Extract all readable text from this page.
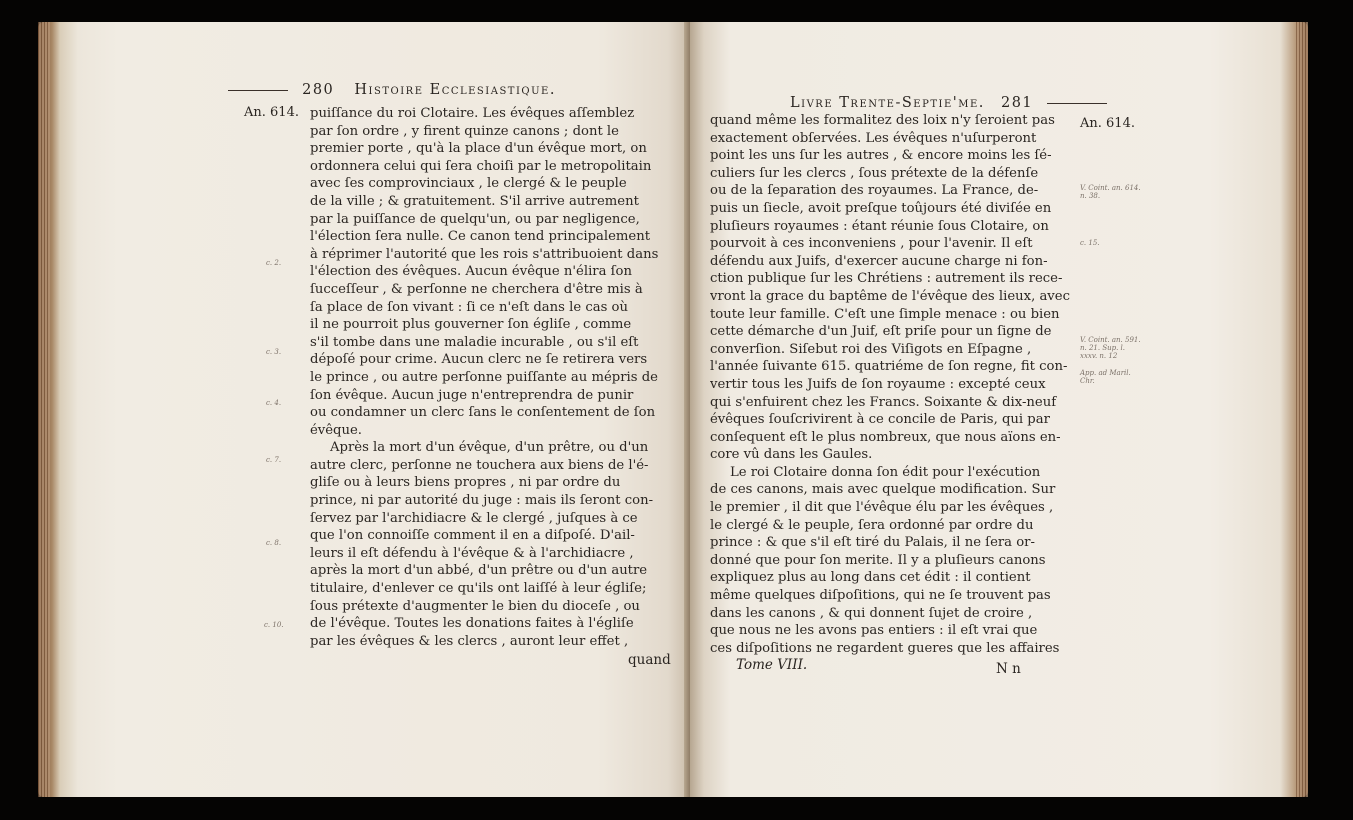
280 Histoire Ecclesiastique.
An. 614.
c. 2.
c. 3.
c. 4.
c. 7.
c. 8.
c. 10.
puiſſance du roi Clotaire. Les évêques aſſemblez
par ſon ordre , y firent quinze canons ; dont le
premier porte , qu'à la place d'un évêque mort, on
ordonnera celui qui ſera choiſi par le metropolitain
avec ſes comprovinciaux , le clergé & le peuple
de la ville ; & gratuitement. S'il arrive autrement
par la puiſſance de quelqu'un, ou par negligence,
l'élection ſera nulle. Ce canon tend principalement
à réprimer l'autorité que les rois s'attribuoient dans
l'élection des évêques. Aucun évêque n'élira ſon
ſucceſſeur , & perſonne ne cherchera d'être mis à
ſa place de ſon vivant : ſi ce n'eſt dans le cas où
il ne pourroit plus gouverner ſon égliſe , comme
s'il tombe dans une maladie incurable , ou s'il eſt
dépoſé pour crime. Aucun clerc ne ſe retirera vers
le prince , ou autre perſonne puiſſante au mépris de
ſon évêque. Aucun juge n'entreprendra de punir
ou condamner un clerc ſans le conſentement de ſon
évêque.
Après la mort d'un évêque, d'un prêtre, ou d'un
autre clerc, perſonne ne touchera aux biens de l'é-
gliſe ou à leurs biens propres , ni par ordre du
prince, ni par autorité du juge : mais ils ſeront con-
ſervez par l'archidiacre & le clergé , juſques à ce
que l'on connoiſſe comment il en a diſpoſé. D'ail-
leurs il eſt défendu à l'évêque & à l'archidiacre ,
après la mort d'un abbé, d'un prêtre ou d'un autre
titulaire, d'enlever ce qu'ils ont laiſſé à leur égliſe;
ſous prétexte d'augmenter le bien du dioceſe , ou
de l'évêque. Toutes les donations faites à l'égliſe
par les évêques & les clercs , auront leur effet ,
quand
Livre Trente-Septie'me. 281
An. 614.
V. Coint. an. 614. n. 38.
c. 15.
V. Coint. an. 591. n. 21. Sup. l. xxxv. n. 12
App. ad Maril. Chr.
quand même les formalitez des loix n'y ſeroient pas
exactement obſervées. Les évêques n'uſurperont
point les uns ſur les autres , & encore moins les ſé-
culiers ſur les clercs , ſous prétexte de la défenſe
ou de la ſeparation des royaumes. La France, de-
puis un ſiecle, avoit preſque toûjours été diviſée en
pluſieurs royaumes : étant réunie ſous Clotaire, on
pourvoit à ces inconveniens , pour l'avenir. Il eſt
défendu aux Juifs, d'exercer aucune charge ni fon-
ction publique ſur les Chrétiens : autrement ils rece-
vront la grace du baptême de l'évêque des lieux, avec
toute leur famille. C'eſt une ſimple menace : ou bien
cette démarche d'un Juif, eſt priſe pour un ſigne de
converſion. Siſebut roi des Viſigots en Eſpagne ,
l'année ſuivante 615. quatriéme de ſon regne, fit con-
vertir tous les Juifs de ſon royaume : excepté ceux
qui s'enfuirent chez les Francs. Soixante & dix-neuf
évêques ſouſcrivirent à ce concile de Paris, qui par
conſequent eſt le plus nombreux, que nous aïons en-
core vû dans les Gaules.
Le roi Clotaire donna ſon édit pour l'exécution
de ces canons, mais avec quelque modification. Sur
le premier , il dit que l'évêque élu par les évêques ,
le clergé & le peuple, ſera ordonné par ordre du
prince : & que s'il eſt tiré du Palais, il ne ſera or-
donné que pour ſon merite. Il y a pluſieurs canons
expliquez plus au long dans cet édit : il contient
même quelques diſpoſitions, qui ne ſe trouvent pas
dans les canons , & qui donnent ſujet de croire ,
que nous ne les avons pas entiers : il eſt vrai que
ces diſpoſitions ne regardent gueres que les affaires
Tome VIII.	N n
